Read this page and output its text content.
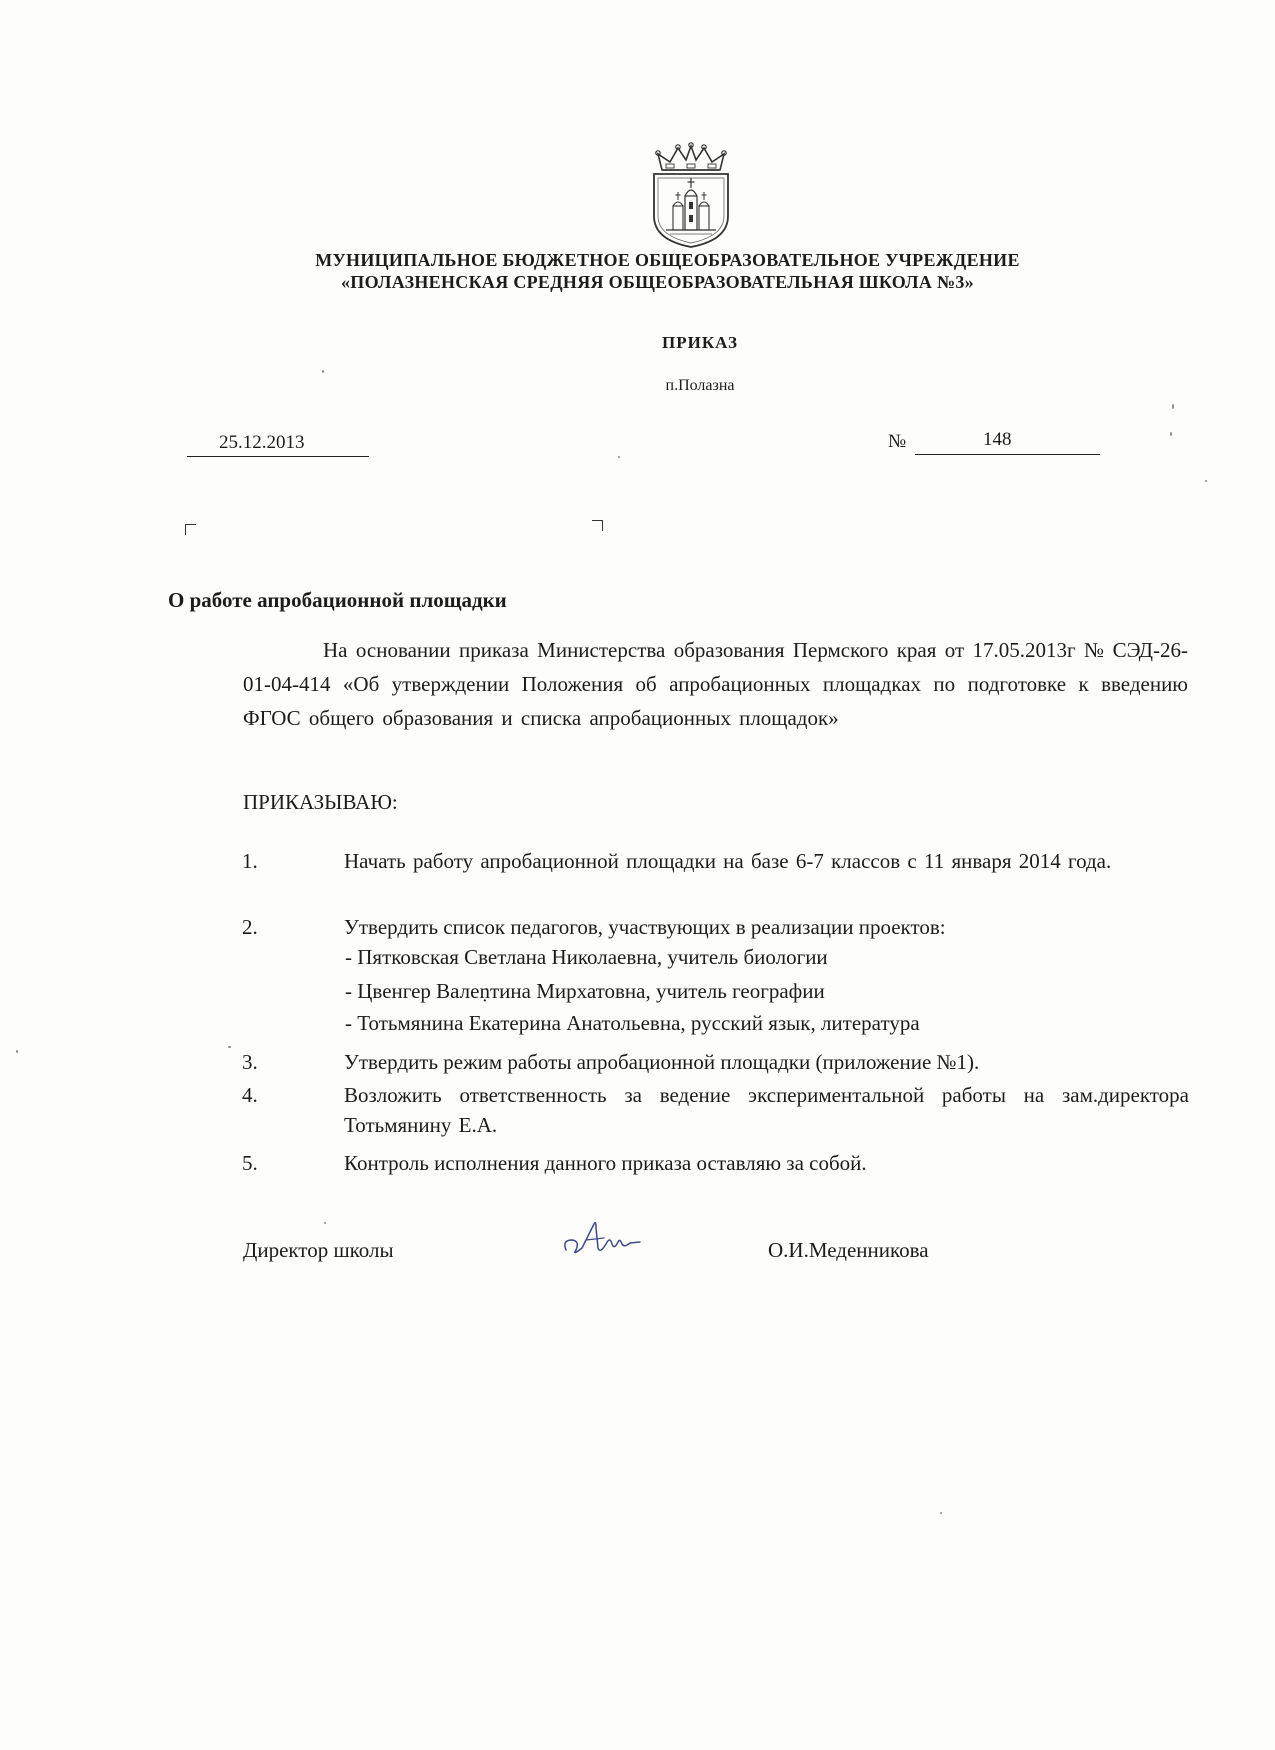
МУНИЦИПАЛЬНОЕ БЮДЖЕТНОЕ ОБЩЕОБРАЗОВАТЕЛЬНОЕ УЧРЕЖДЕНИЕ
«ПОЛАЗНЕНСКАЯ СРЕДНЯЯ ОБЩЕОБРАЗОВАТЕЛЬНАЯ ШКОЛА №3»
ПРИКАЗ
п.Полазна
25.12.2013	№	148
О работе апробационной площадки
На основании приказа Министерства образования Пермского края от 17.05.2013г № СЭД-26-01-04-414 «Об утверждении Положения об апробационных площадках по подготовке к введению ФГОС общего образования и списка апробационных площадок»
ПРИКАЗЫВАЮ:
1.	Начать работу апробационной площадки на базе 6-7 классов с 11 января 2014 года.
2.	Утвердить список педагогов, участвующих в реализации проектов:
- Пятковская Светлана Николаевна, учитель биологии
- Цвенгер Валеṇтина Мирхатовна, учитель географии
- Тотьмянина Екатерина Анатольевна, русский язык, литература
3.	Утвердить режим работы апробационной площадки (приложение №1).
4.	Возложить ответственность за ведение экспериментальной работы на зам.директора Тотьмянину Е.А.
5.	Контроль исполнения данного приказа оставляю за собой.
Директор школы	О.И.Меденникова
